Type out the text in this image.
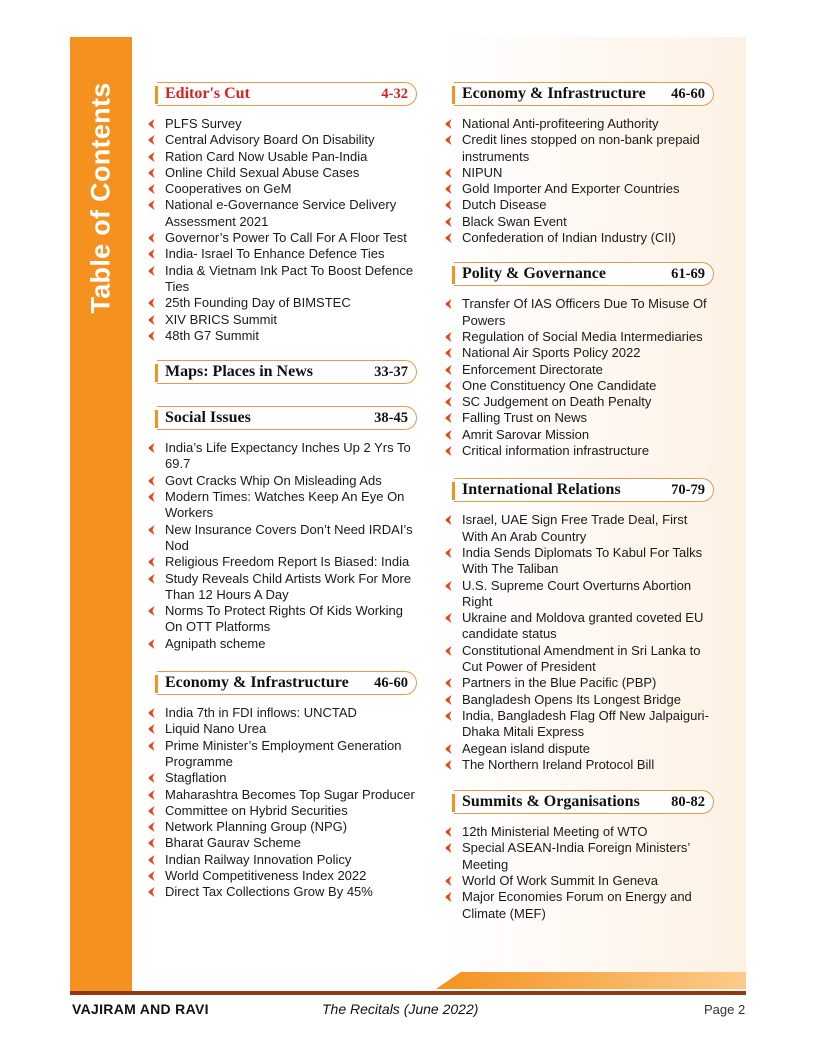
Table of Contents	Editor's Cut	4-32
PLFS Survey
Central Advisory Board On Disability
Ration Card Now Usable Pan-India
Online Child Sexual Abuse Cases
Cooperatives on GeM
National e-Governance Service Delivery Assessment 2021
Governor’s Power To Call For A Floor Test
India- Israel To Enhance Defence Ties
India & Vietnam Ink Pact To Boost Defence Ties
25th Founding Day of BIMSTEC
XIV BRICS Summit
48th G7 Summit
Maps: Places in News	33-37
Social Issues	38-45
India’s Life Expectancy Inches Up 2 Yrs To 69.7
Govt Cracks Whip On Misleading Ads
Modern Times: Watches Keep An Eye On Workers
New Insurance Covers Don’t Need IRDAI’s Nod
Religious Freedom Report Is Biased: India
Study Reveals Child Artists Work For More Than 12 Hours A Day
Norms To Protect Rights Of Kids Working On OTT Platforms
Agnipath scheme
Economy & Infrastructure 46-60
India 7th in FDI inflows: UNCTAD
Liquid Nano Urea
Prime Minister’s Employment Generation Programme
Stagflation
Maharashtra Becomes Top Sugar Producer
Committee on Hybrid Securities
Network Planning Group (NPG)
Bharat Gaurav Scheme
Indian Railway Innovation Policy
World Competitiveness Index 2022
Direct Tax Collections Grow By 45%
Economy & Infrastructure 46-60
National Anti-profiteering Authority
Credit lines stopped on non-bank prepaid instruments
NIPUN
Gold Importer And Exporter Countries
Dutch Disease
Black Swan Event
Confederation of Indian Industry (CII)
Polity & Governance	61-69
Transfer Of IAS Officers Due To Misuse Of Powers
Regulation of Social Media Intermediaries
National Air Sports Policy 2022
Enforcement Directorate
One Constituency One Candidate
SC Judgement on Death Penalty
Falling Trust on News
Amrit Sarovar Mission
Critical information infrastructure
International Relations	70-79
Israel, UAE Sign Free Trade Deal, First With An Arab Country
India Sends Diplomats To Kabul For Talks With The Taliban
U.S. Supreme Court Overturns Abortion Right
Ukraine and Moldova granted coveted EU candidate status
Constitutional Amendment in Sri Lanka to Cut Power of President
Partners in the Blue Pacific (PBP)
Bangladesh Opens Its Longest Bridge
India, Bangladesh Flag Off New Jalpaiguri-Dhaka Mitali Express
Aegean island dispute
The Northern Ireland Protocol Bill
Summits & Organisations 80-82
12th Ministerial Meeting of WTO
Special ASEAN-India Foreign Ministers’ Meeting
World Of Work Summit In Geneva
Major Economies Forum on Energy and Climate (MEF)
VAJIRAM AND RAVI	The Recitals (June 2022)	Page 2
